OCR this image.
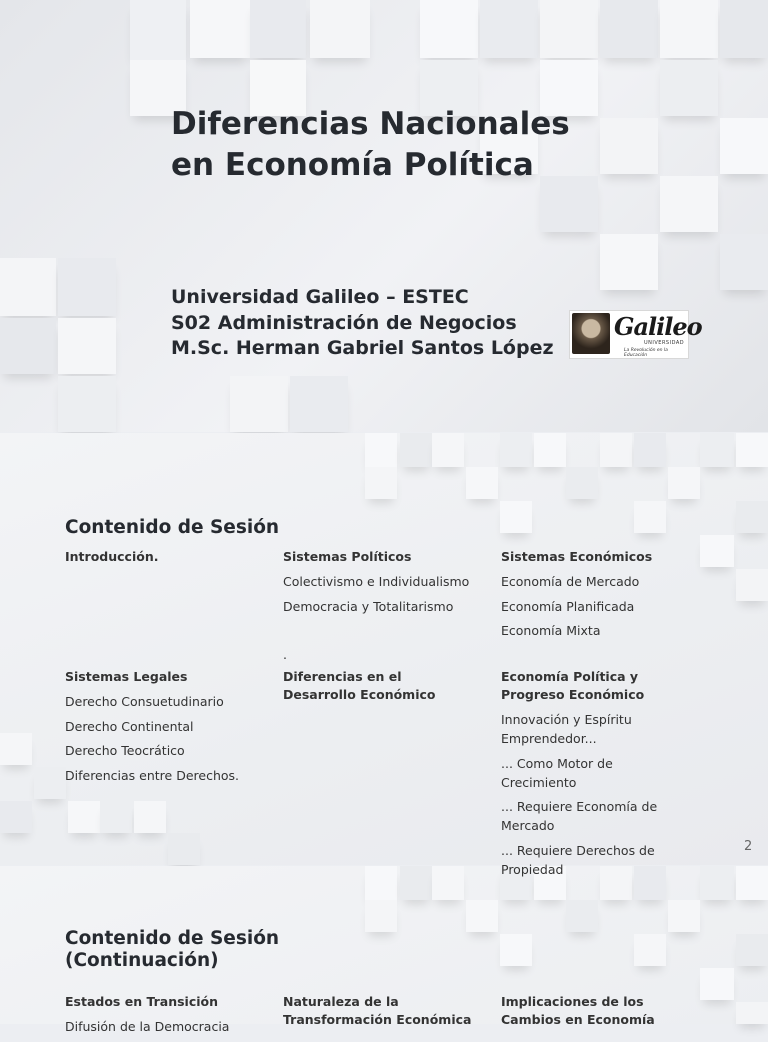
Diferencias Nacionales en Economía Política
Universidad Galileo – ESTEC
S02 Administración de Negocios
M.Sc. Herman Gabriel Santos López
Galileo
UNIVERSIDAD
La Revolución en la Educación
Contenido de Sesión
Introducción.	Sistemas Políticos
Colectivismo e Individualismo
Democracia y Totalitarismo
Sistemas Económicos
Economía de Mercado
Economía Planificada
Economía Mixta
.
Sistemas Legales
Derecho Consuetudinario
Derecho Continental
Derecho Teocrático
Diferencias entre Derechos.
Diferencias en el Desarrollo Económico
Economía Política y Progreso Económico
Innovación y Espíritu Emprendedor...
... Como Motor de Crecimiento
... Requiere Economía de Mercado
... Requiere Derechos de Propiedad
2
Contenido de Sesión (Continuación)
Estados en Transición
Difusión de la Democracia
Naturaleza de la Transformación Económica
Implicaciones de los Cambios en Economía
